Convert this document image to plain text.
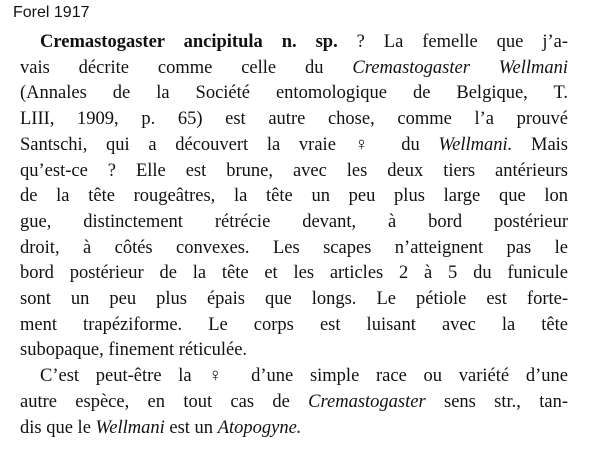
Forel 1917
Cremastogaster ancipitula n. sp. ? La femelle que j’a-
vais décrite comme celle du Cremastogaster Wellmani
(Annales de la Société entomologique de Belgique, T.
LIII, 1909, p. 65) est autre chose, comme l’a prouvé
Santschi, qui a découvert la vraie ♀ du Wellmani. Mais
qu’est-ce ? Elle est brune, avec les deux tiers antérieurs
de la tête rougeâtres, la tête un peu plus large que lon
gue, distinctement rétrécie devant, à bord postérieur
droit, à côtés convexes. Les scapes n’atteignent pas le
bord postérieur de la tête et les articles 2 à 5 du funicule
sont un peu plus épais que longs. Le pétiole est forte-
ment trapéziforme. Le corps est luisant avec la tête
subopaque, finement réticulée.
C’est peut-être la ♀ d’une simple race ou variété d’une
autre espèce, en tout cas de Cremastogaster sens str., tan-
dis que le Wellmani est un Atopogyne.
